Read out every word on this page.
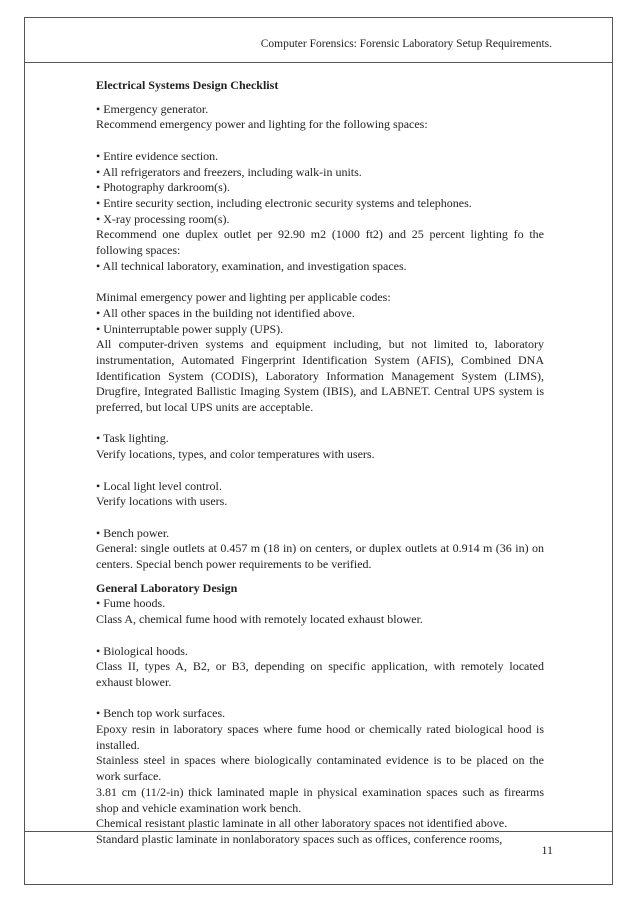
Computer Forensics: Forensic Laboratory Setup Requirements.

Electrical Systems Design Checklist

• Emergency generator.

Recommend emergency power and lighting for the following spaces:

• Entire evidence section.

• All refrigerators and freezers, including walk-in units.

• Photography darkroom(s).

• Entire security section, including electronic security systems and telephones.

• X-ray processing room(s).

Recommend one duplex outlet per 92.90 m2 (1000 ft2) and 25 percent lighting fo the following spaces:

• All technical laboratory, examination, and investigation spaces.

Minimal emergency power and lighting per applicable codes:

• All other spaces in the building not identified above.

• Uninterruptable power supply (UPS).

All computer-driven systems and equipment including, but not limited to, laboratory instrumentation, Automated Fingerprint Identification System (AFIS), Combined DNA Identification System (CODIS), Laboratory Information Management System (LIMS), Drugfire, Integrated Ballistic Imaging System (IBIS), and LABNET. Central UPS system is preferred, but local UPS units are acceptable.

• Task lighting.

Verify locations, types, and color temperatures with users.

• Local light level control.

Verify locations with users.

• Bench power.

General: single outlets at 0.457 m (18 in) on centers, or duplex outlets at 0.914 m (36 in) on centers. Special bench power requirements to be verified.

General Laboratory Design

• Fume hoods.

Class A, chemical fume hood with remotely located exhaust blower.

• Biological hoods.

Class II, types A, B2, or B3, depending on specific application, with remotely located exhaust blower.

• Bench top work surfaces.

Epoxy resin in laboratory spaces where fume hood or chemically rated biological hood is installed.

Stainless steel in spaces where biologically contaminated evidence is to be placed on the work surface.

3.81 cm (11/2-in) thick laminated maple in physical examination spaces such as firearms shop and vehicle examination work bench.

Chemical resistant plastic laminate in all other laboratory spaces not identified above.

Standard plastic laminate in nonlaboratory spaces such as offices, conference rooms,

11
